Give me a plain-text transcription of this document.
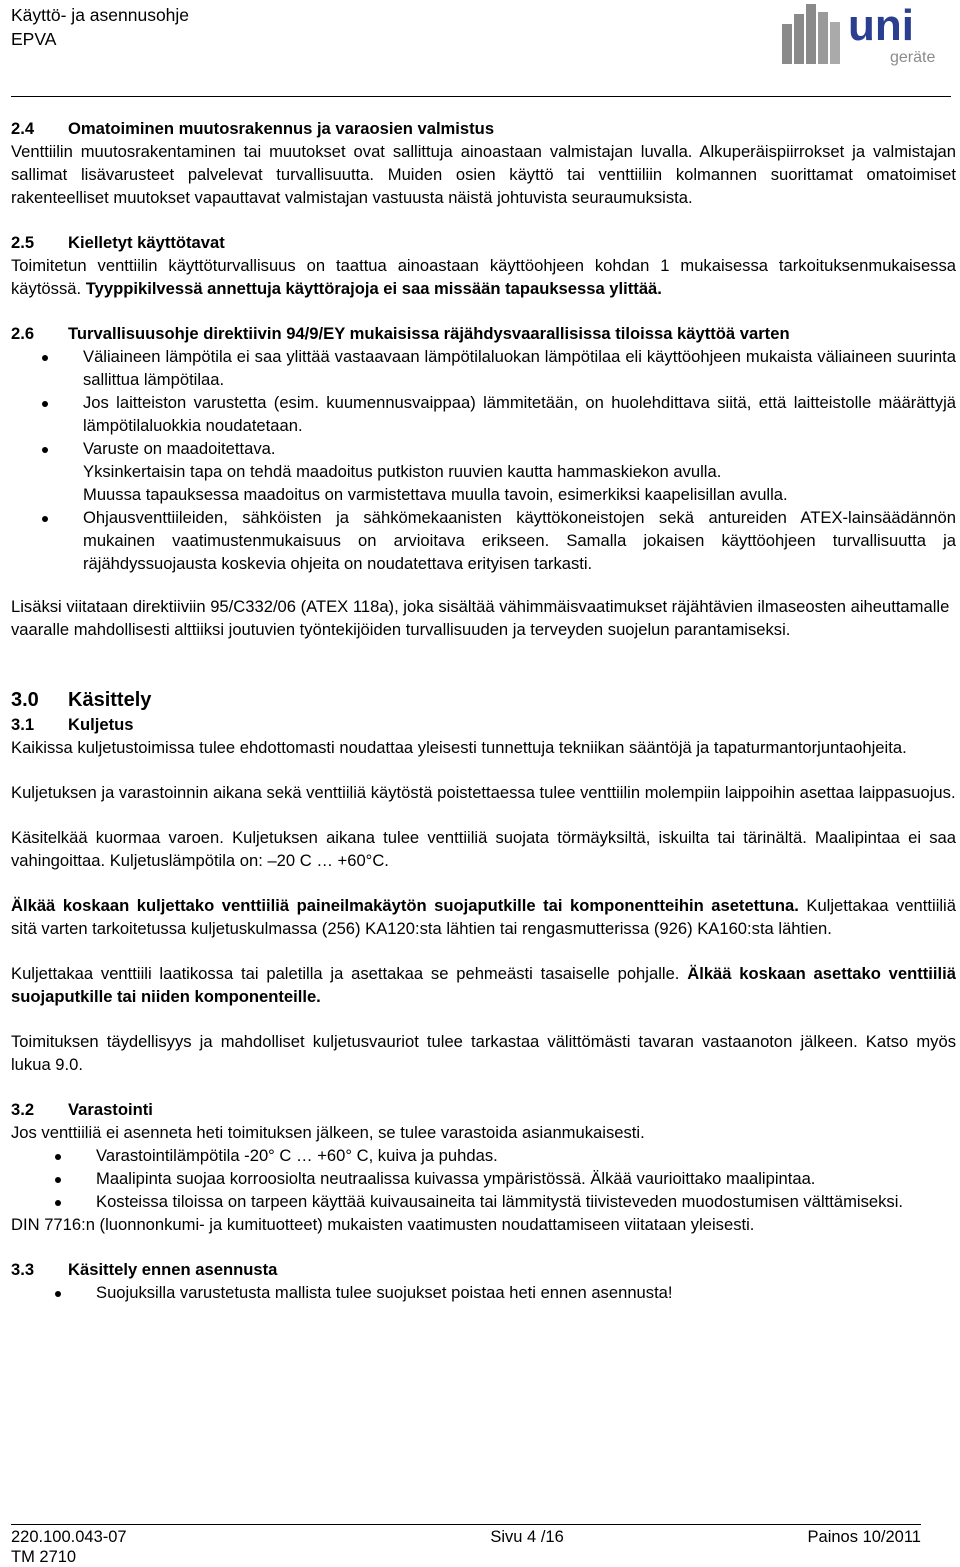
Käyttö- ja asennusohje
EPVA	uni
geräte
2.4	Omatoiminen muutosrakennus ja varaosien valmistus

Venttiilin muutosrakentaminen tai muutokset ovat sallittuja ainoastaan valmistajan luvalla. Alkuperäispiirrokset ja valmistajan sallimat lisävarusteet palvelevat turvallisuutta. Muiden osien käyttö tai venttiiliin kolmannen suorittamat omatoimiset rakenteelliset muutokset vapauttavat valmistajan vastuusta näistä johtuvista seuraumuksista.

2.5	Kielletyt käyttötavat

Toimitetun venttiilin käyttöturvallisuus on taattua ainoastaan käyttöohjeen kohdan 1 mukaisessa tarkoituksenmukaisessa käytössä. Tyyppikilvessä annettuja käyttörajoja ei saa missään tapauksessa ylittää.

2.6	Turvallisuusohje direktiivin 94/9/EY mukaisissa räjähdysvaarallisissa tiloissa käyttöä varten
Väliaineen lämpötila ei saa ylittää vastaavaan lämpötilaluokan lämpötilaa eli käyttöohjeen mukaista väliaineen suurinta sallittua lämpötilaa.
Jos laitteiston varustetta (esim. kuumennusvaippaa) lämmitetään, on huolehdittava siitä, että laitteistolle määrättyjä lämpötilaluokkia noudatetaan.
Varuste on maadoitettava.

Yksinkertaisin tapa on tehdä maadoitus putkiston ruuvien kautta hammaskiekon avulla.

Muussa tapauksessa maadoitus on varmistettava muulla tavoin, esimerkiksi kaapelisillan avulla.

Ohjausventtiileiden, sähköisten ja sähkömekaanisten käyttökoneistojen sekä antureiden ATEX-lainsäädännön mukainen vaatimustenmukaisuus on arvioitava erikseen. Samalla jokaisen käyttöohjeen turvallisuutta ja räjähdyssuojausta koskevia ohjeita on noudatettava erityisen tarkasti.

Lisäksi viitataan direktiiviin 95/C332/06 (ATEX 118a), joka sisältää vähimmäisvaatimukset räjähtävien ilmaseosten aiheuttamalle vaaralle mahdollisesti alttiiksi joutuvien työntekijöiden turvallisuuden ja terveyden suojelun parantamiseksi.

3.0	Käsittely
3.1	Kuljetus

Kaikissa kuljetustoimissa tulee ehdottomasti noudattaa yleisesti tunnettuja tekniikan sääntöjä ja tapaturmantorjuntaohjeita.

Kuljetuksen ja varastoinnin aikana sekä venttiiliä käytöstä poistettaessa tulee venttiilin molempiin laippoihin asettaa laippasuojus.

Käsitelkää kuormaa varoen. Kuljetuksen aikana tulee venttiiliä suojata törmäyksiltä, iskuilta tai tärinältä. Maalipintaa ei saa vahingoittaa. Kuljetuslämpötila on: –20 C … +60°C.

Älkää koskaan kuljettako venttiiliä paineilmakäytön suojaputkille tai komponentteihin asetettuna. Kuljettakaa venttiiliä sitä varten tarkoitetussa kuljetuskulmassa (256) KA120:sta lähtien tai rengasmutterissa (926) KA160:sta lähtien.

Kuljettakaa venttiili laatikossa tai paletilla ja asettakaa se pehmeästi tasaiselle pohjalle. Älkää koskaan asettako venttiiliä suojaputkille tai niiden komponenteille.

Toimituksen täydellisyys ja mahdolliset kuljetusvauriot tulee tarkastaa välittömästi tavaran vastaanoton jälkeen. Katso myös lukua 9.0.

3.2	Varastointi

Jos venttiiliä ei asenneta heti toimituksen jälkeen, se tulee varastoida asianmukaisesti.

Varastointilämpötila -20° C … +60° C, kuiva ja puhdas.
Maalipinta suojaa korroosiolta neutraalissa kuivassa ympäristössä. Älkää vaurioittako maalipintaa.
Kosteissa tiloissa on tarpeen käyttää kuivausaineita tai lämmitystä tiivisteveden muodostumisen välttämiseksi.

DIN 7716:n (luonnonkumi- ja kumituotteet) mukaisten vaatimusten noudattamiseen viitataan yleisesti.

3.3	Käsittely ennen asennusta
Suojuksilla varustetusta mallista tulee suojukset poistaa heti ennen asennusta!
220.100.043-07	Sivu 4 /16	Painos 10/2011
TM 2710
